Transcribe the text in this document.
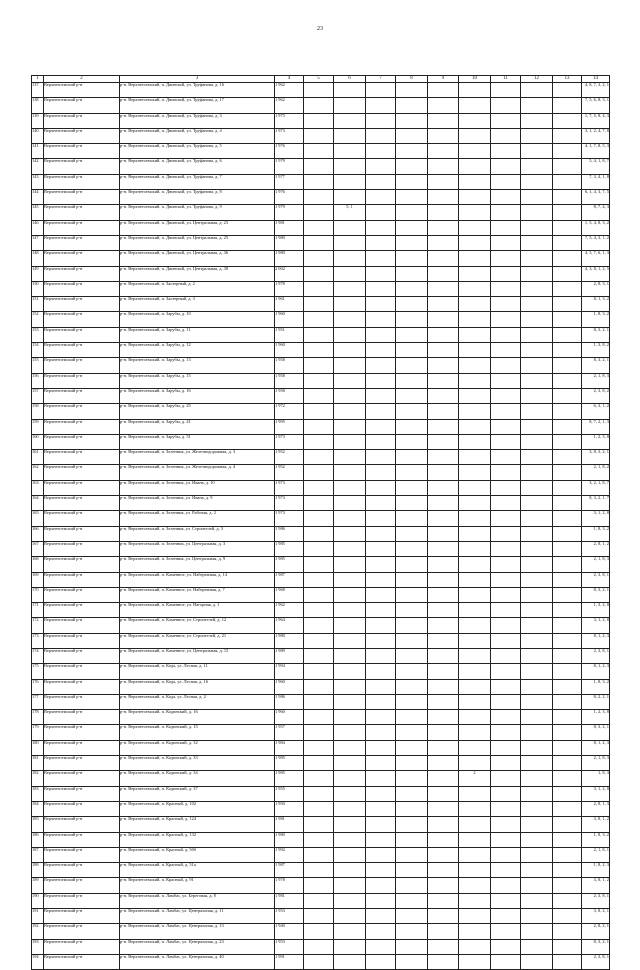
23
1	2	3	4	5	6	7	8	9	10	11	12	13	14
137	Верхнетоемский р-н	р-н. Верхнетоемский, п. Двинской, ул. Труфанова, д. 16	1 962										4, 8, 7, 3, 2, 1
138	Верхнетоемский р-н	р-н. Верхнетоемский, п. Двинской, ул. Труфанова, д. 17	1 962										7, 5, 6, 8, 3, 1
139	Верхнетоемский р-н	р-н. Верхнетоемский, п. Двинской, ул. Труфанова, д. 3	1 975										1, 7, 5, 8, 4, 3
140	Верхнетоемский р-н	р-н. Верхнетоемский, п. Двинской, ул. Труфанова, д. 4	1 973										3, 1, 2, 4, 7, 8
141	Верхнетоемский р-н	р-н. Верхнетоемский, п. Двинской, ул. Труфанова, д. 5	1 976										4, 1, 7, 8, 5, 3
142	Верхнетоемский р-н	р-н. Верхнетоемский, п. Двинской, ул. Труфанова, д. 6	1 979										5, 4, 1, 8, 7
143	Верхнетоемский р-н	р-н. Верхнетоемский, п. Двинской, ул. Труфанова, д. 7	1 977										7, 3, 4, 1, 8
144	Верхнетоемский р-н	р-н. Верхнетоемский, п. Двинской, ул. Труфанова, д. 8	1 976										6, 1, 4, 3, 7, 5
145	Верхнетоемский р-н	р-н. Верхнетоемский, п. Двинской, ул. Труфанова, д. 9	1 979		5, 1								8, 7, 4, 3
146	Верхнетоемский р-н	р-н. Верхнетоемский, п. Двинской, ул. Центральная, д. 23	1 981										1, 5, 4, 8, 3, 2
147	Верхнетоемский р-н	р-н. Верхнетоемский, п. Двинской, ул. Центральная, д. 25	1 980										7, 5, 4, 3, 1, 2
148	Верхнетоемский р-н	р-н. Верхнетоемский, п. Двинской, ул. Центральная, д. 36	1 980										4, 5, 7, 6, 1, 3
149	Верхнетоемский р-н	р-н. Верхнетоемский, п. Двинской, ул. Центральная, д. 38	2 002										4, 3, 8, 1, 2, 5
150	Верхнетоемский р-н	р-н. Верхнетоемский, п. Заозерный, д. 2	1 978										2, 8, 3, 1
151	Верхнетоемский р-н	р-н. Верхнетоемский, п. Заозерный, д. 3	1 961										8, 1, 3, 2
152	Верхнетоемский р-н	р-н. Верхнетоемский, п. Зарубы, д. 10	1 960										1, 8, 3, 2
153	Верхнетоемский р-н	р-н. Верхнетоемский, п. Зарубы, д. 11	1 951										8, 3, 2, 1
154	Верхнетоемский р-н	р-н. Верхнетоемский, п. Зарубы, д. 12	1 960										1, 3, 8, 2
155	Верхнетоемский р-н	р-н. Верхнетоемский, п. Зарубы, д. 13	1 958										8, 3, 2, 1
156	Верхнетоемский р-н	р-н. Верхнетоемский, п. Зарубы, д. 15	1 958										2, 1, 8, 3
157	Верхнетоемский р-н	р-н. Верхнетоемский, п. Зарубы, д. 16	1 958										2, 3, 8, 2
158	Верхнетоемский р-н	р-н. Верхнетоемский, п. Зарубы, д. 25	1 972										6, 3, 1, 2
159	Верхнетоемский р-н	р-н. Верхнетоемский, п. Зарубы, д. 41	1 995										8, 7, 2, 1, 3
160	Верхнетоемский р-н	р-н. Верхнетоемский, п. Зарубы, д. 51	1 973										1, 2, 3, 8
161	Верхнетоемский р-н	р-н. Верхнетоемский, п. Зеленник, ул. Железнодорожная, д. 3	1 952										3, 8, 3, 2, 1
162	Верхнетоемский р-н	р-н. Верхнетоемский, п. Зеленник, ул. Железнодорожная, д. 4	1 952										2, 1, 8, 2
163	Верхнетоемский р-н	р-н. Верхнетоемский, п. Зеленник, ул. Ивана, д. 10	1 973										3, 2, 1, 8, 7
164	Верхнетоемский р-н	р-н. Верхнетоемский, п. Зеленник, ул. Ивана, д. 9	1 973										8, 3, 2, 1, 7
165	Верхнетоемский р-н	р-н. Верхнетоемский, п. Зеленник, ул. Рабочая, д. 2	1 973										3, 1, 2, 8
166	Верхнетоемский р-н	р-н. Верхнетоемский, п. Зеленник, ул. Строителей, д. 3	1 986										1, 8, 3, 2
167	Верхнетоемский р-н	р-н. Верхнетоемский, п. Зеленник, ул. Центральная, д. 3	1 985										2, 8, 1, 2
168	Верхнетоемский р-н	р-н. Верхнетоемский, п. Зеленник, ул. Центральная, д. 9	1 985										2, 1, 8, 3
169	Верхнетоемский р-н	р-н. Верхнетоемский, п. Каменное, ул. Набережная, д. 14	1 987										2, 3, 8, 1
170	Верхнетоемский р-н	р-н. Верхнетоемский, п. Каменное, ул. Набережная, д. 7	1 968										8, 3, 2, 1
171	Верхнетоемский р-н	р-н. Верхнетоемский, п. Каменное, ул. Нагорная, д. 1	1 962										1, 3, 2, 8
172	Верхнетоемский р-н	р-н. Верхнетоемский, п. Каменное, ул. Строителей, д. 12	1 964										3, 1, 2, 8
173	Верхнетоемский р-н	р-н. Верхнетоемский, п. Каменное, ул. Строителей, д. 21	1 980										8, 1, 2, 3
174	Верхнетоемский р-н	р-н. Верхнетоемский, п. Каменное, ул. Центральная, д. 15	1 989										2, 3, 8, 1
175	Верхнетоемский р-н	р-н. Верхнетоемский, п. Кода, ул. Лесная, д. 11	1 994										8, 1, 2, 3
176	Верхнетоемский р-н	р-н. Верхнетоемский, п. Кода, ул. Лесная, д. 16	1 960										1, 8, 3, 2
177	Верхнетоемский р-н	р-н. Верхнетоемский, п. Кода, ул. Лесная, д. 2	1 986										8, 2, 2, 1
178	Верхнетоемский р-н	р-н. Верхнетоемский, п. Кодинский, д. 16	1 960										1, 2, 3, 8
179	Верхнетоемский р-н	р-н. Верхнетоемский, п. Кодинский, д. 15	1 957										8, 3, 2, 1
180	Верхнетоемский р-н	р-н. Верхнетоемский, п. Кодинский, д. 32	1 984										8, 1, 2, 3
181	Верхнетоемский р-н	р-н. Верхнетоемский, п. Кодинский, д. 33	1 985										2, 1, 8, 3
182	Верхнетоемский р-н	р-н. Верхнетоемский, п. Кодинский, д. 34	1 985						2				1, 8, 3
183	Верхнетоемский р-н	р-н. Верхнетоемский, п. Кодинский, д. 37	1 955										3, 1, 2, 8
184	Верхнетоемский р-н	р-н. Верхнетоемский, п. Красный, д. 102	1 950										2, 8, 1, 3
185	Верхнетоемский р-н	р-н. Верхнетоемский, п. Красный, д. 124	1 981										3, 8, 1, 2
186	Верхнетоемский р-н	р-н. Верхнетоемский, п. Красный, д. 132	1 980										1, 8, 3, 2
187	Верхнетоемский р-н	р-н. Верхнетоемский, п. Красный, д. 50б	1 992										2, 1, 8, 1
188	Верхнетоемский р-н	р-н. Верхнетоемский, п. Красный, д. 51а	1 987										1, 8, 2, 3
189	Верхнетоемский р-н	р-н. Верхнетоемский, п. Красный, д. 91	1 978										3, 8, 1, 2
190	Верхнетоемский р-н	р-н. Верхнетоемский, п. Ламбас, ул. Береговая, д. 8	1 981										2, 3, 8, 1
191	Верхнетоемский р-н	р-н. Верхнетоемский, п. Ламбас, ул. Центральная, д. 11	1 953										3, 8, 2, 1
192	Верхнетоемский р-н	р-н. Верхнетоемский, п. Ламбас, ул. Центральная, д. 13	1 940										2, 8, 2, 1
193	Верхнетоемский р-н	р-н. Верхнетоемский, п. Ламбас, ул. Центральная, д. 23	1 953										8, 3, 2, 1
194	Верхнетоемский р-н	р-н. Верхнетоемский, п. Ламбас, ул. Центральная, д. 40	1 991										2, 3, 8, 1
